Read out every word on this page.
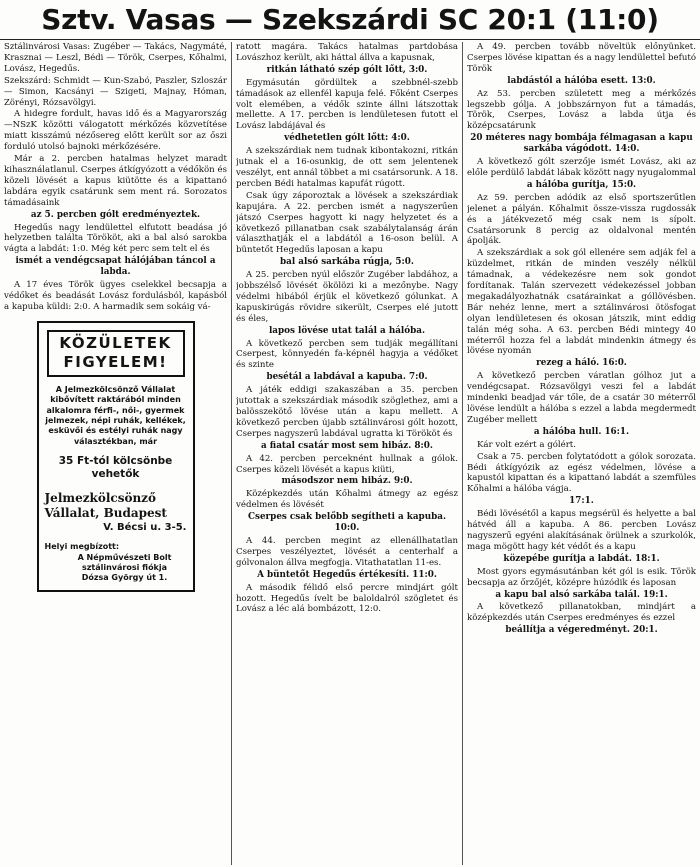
Sztv. Vasas — Szekszárdi SC 20:1 (11:0)

Sztálinvárosi Vasas: Zugéber — Takács, Nagymáté, Krasznai — Leszl, Bédi — Török, Cserpes, Kőhalmi, Lovász, Hegedűs.

Szekszárd: Schmidt — Kun-Szabó, Paszler, Szloszár — Simon, Kacsányi — Szigeti, Majnay, Hóman, Zörényi, Rózsavölgyi.

A hidegre fordult, havas idő és a Magyarország—NSzK közötti válogatott mérkőzés közvetítése miatt kisszámú nézősereg előtt került sor az őszi forduló utolsó bajnoki mérkőzésére.

Már a 2. percben hatalmas helyzet maradt kihasználatlanul. Cserpes átkígyózott a védőkön és közeli lövését a kapus kiütötte és a kipattanó labdára egyik csatárunk sem ment rá. Sorozatos támadásaink

az 5. percben gólt eredményeztek.

Hegedűs nagy lendülettel elfutott beadása jó helyzetben találta Törököt, aki a bal alsó sarokba vágta a labdát: 1:0. Még két perc sem telt el és

ismét a vendégcsapat hálójában táncol a labda.

A 17 éves Török ügyes cselekkel becsapja a védőket és beadását Lovász fordulásból, kapásból a kapuba küldi: 2:0. A harmadik sem sokáig vá-

KÖZÜLETEK FIGYELEM!
A Jelmezkölcsönző Vállalat kibővített raktárából minden alkalomra férfi-, női-, gyermek jelmezek, népi ruhák, kellékek, esküvői és estélyi ruhák nagy választékban, már
35 Ft-tól kölcsönbe vehetők
Jelmezkölcsönző Vállalat, Budapest
V. Bécsi u. 3-5.
Helyi megbízott:
A Népművészeti Bolt sztálinvárosi fiókja
Dózsa György út 1.

ratott magára. Takács hatalmas partdobása Lovászhoz került, aki háttal állva a kapusnak,

ritkán látható szép gólt lőtt, 3:0.

Egymásután gördültek a szebbnél-szebb támadások az ellenfél kapuja felé. Főként Cserpes volt elemében, a védők szinte állni látszottak mellette. A 17. percben is lendületesen futott el Lovász labdájával és

védhetetlen gólt lőtt: 4:0.

A szekszárdiak nem tudnak kibontakozni, ritkán jutnak el a 16-osunkig, de ott sem jelentenek veszélyt, ent annál többet a mi csatársorunk. A 18. percben Bédi hatalmas kapufát rúgott.

Csak úgy záporoztak a lövések a szekszárdiak kapujára. A 22. percben ismét a nagyszerűen játszó Cserpes hagyott ki nagy helyzetet és a következő pillanatban csak szabálytalanság árán választhatják el a labdától a 16-oson belül. A büntetőt Hegedűs laposan a kapu

bal alsó sarkába rúgja, 5:0.

A 25. percben nyúl először Zugéber labdához, a jobbszélső lövését ökölözi ki a mezőnybe. Nagy védelmi hibából érjük el következő gólunkat. A kapuskirúgás rövidre sikerült, Cserpes elé jutott és éles,

lapos lövése utat talál a hálóba.

A következő percben sem tudják megállítani Cserpest, könnyedén fa-képnél hagyja a védőket és szinte

besétál a labdával a kapuba. 7:0.

A játék eddigi szakaszában a 35. percben jutottak a szekszárdiak második szöglethez, ami a balösszekötő lövése után a kapu mellett. A következő percben újabb sztálinvárosi gólt hozott, Cserpes nagyszerű labdával ugratta ki Törököt és

a fiatal csatár most sem hibáz. 8:0.

A 42. percben perceknént hullnak a gólok. Cserpes közeli lövését a kapus kiüti,

másodszor nem hibáz. 9:0.

Középkezdés után Kőhalmi átmegy az egész védelmen és lövését

Cserpes csak belőbb segítheti a kapuba. 10:0.

A 44. percben megint az ellenállhatatlan Cserpes veszélyeztet, lövését a centerhalf a gólvonalon állva megfogja. Vitathatatlan 11-es.

A büntetőt Hegedűs értékesíti. 11:0.

A második félidő első percre mindjárt gólt hozott. Hegedűs ívelt be baloldalról szögletet és Lovász a léc alá bombázott, 12:0.

A 49. percben tovább növeltük előnyünket. Cserpes lövése kipattan és a nagy lendülettel befutó Török

labdástól a hálóba esett. 13:0.

Az 53. percben született meg a mérkőzés legszebb gólja. A jobbszárnyon fut a támadás, Török, Cserpes, Lovász a labda útja és középcsatárunk

20 méteres nagy bombája félmagasan a kapu sarkába vágódott. 14:0.

A következő gólt szerzője ismét Lovász, aki az előle perdülő labdát lábak között nagy nyugalommal

a hálóba gurítja, 15:0.

Az 59. percben adódik az első sportszerűtlen jelenet a pályán. Kőhalmit össze-vissza rugdossák és a játékvezető még csak nem is sípolt. Csatársorunk 8 percig az oldalvonal mentén ápolják.

A szekszárdiak a sok gól ellenére sem adják fel a küzdelmet, ritkán de minden veszély nélkül támadnak, a védekezésre nem sok gondot fordítanak. Talán szervezett védekezéssel jobban megakadályozhatnák csatárainkat a góllövésben. Bár nehéz lenne, mert a sztálinvárosi ötösfogat olyan lendületesen és okosan játszik, mint eddig talán még soha. A 63. percben Bédi mintegy 40 méterről hozza fel a labdát mindenkin átmegy és lövése nyomán

rezeg a háló. 16:0.

A következő percben váratlan gólhoz jut a vendégcsapat. Rózsavölgyi veszi fel a labdát mindenki beadjad vár tőle, de a csatár 30 méterről lövése lendült a hálóba s ezzel a labda megdermedt Zugéber mellett

a hálóba hull. 16:1.

Kár volt ezért a gólért.

Csak a 75. percben folytatódott a gólok sorozata. Bédi átkígyózik az egész védelmen, lövése a kapustól kipattan és a kipattanó labdát a szemfüles Kőhalmi a hálóba vágja.

17:1.

Bédi lövésétől a kapus megsérül és helyette a bal hátvéd áll a kapuba. A 86. percben Lovász nagyszerű egyéni alakításának örülnek a szurkolók, maga mögött hagy két védőt és a kapu

közepébe gurítja a labdát. 18:1.

Most gyors egymásutánban két gól is esik. Török becsapja az őrzőjét, középre húzódik és laposan

a kapu bal alsó sarkába talál. 19:1.

A következő pillanatokban, mindjárt a középkezdés után Cserpes eredményes és ezzel

beállítja a végeredményt. 20:1.
